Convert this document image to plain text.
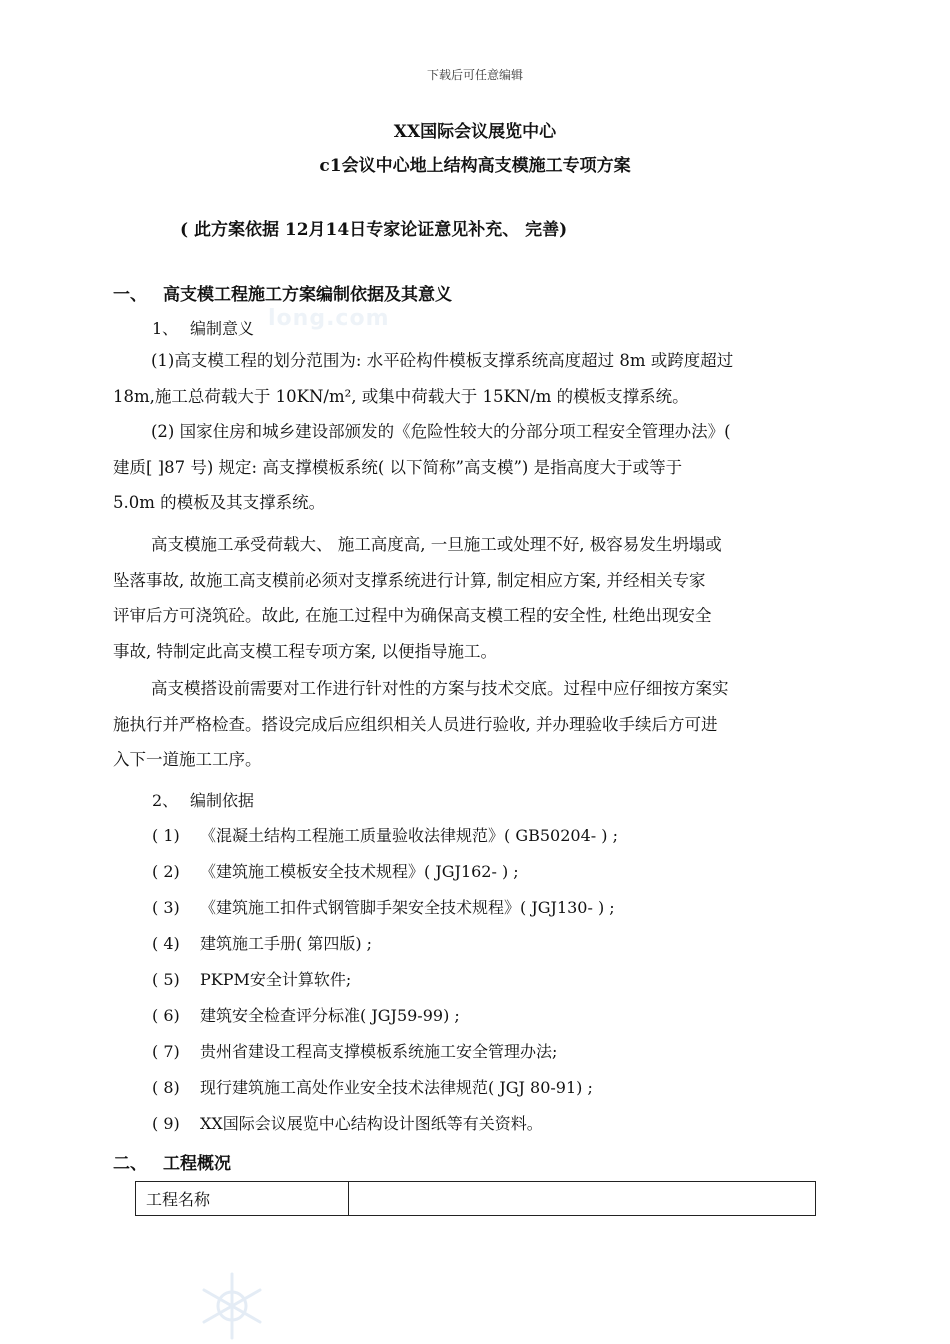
下载后可任意编辑
XX国际会议展览中心
c1会议中心地上结构高支模施工专项方案
( 此方案依据 12月14日专家论证意见补充、 完善)
一、 高支模工程施工方案编制依据及其意义
long.com
1、 编制意义
(1)高支模工程的划分范围为: 水平砼构件模板支撑系统高度超过 8m 或跨度超过
18m,施工总荷载大于 10KN/m², 或集中荷载大于 15KN/m 的模板支撑系统。
(2) 国家住房和城乡建设部颁发的《危险性较大的分部分项工程安全管理办法》(
建质[ ]87 号) 规定: 高支撑模板系统( 以下简称”高支模”) 是指高度大于或等于
5.0m 的模板及其支撑系统。
高支模施工承受荷载大、 施工高度高, 一旦施工或处理不好, 极容易发生坍塌或
坠落事故, 故施工高支模前必须对支撑系统进行计算, 制定相应方案, 并经相关专家
评审后方可浇筑砼。故此, 在施工过程中为确保高支模工程的安全性, 杜绝出现安全
事故, 特制定此高支模工程专项方案, 以便指导施工。
高支模搭设前需要对工作进行针对性的方案与技术交底。过程中应仔细按方案实
施执行并严格检查。搭设完成后应组织相关人员进行验收, 并办理验收手续后方可进
入下一道施工工序。
2、 编制依据
( 1) 《混凝土结构工程施工质量验收法律规范》( GB50204- ) ;
( 2) 《建筑施工模板安全技术规程》( JGJ162- ) ;
( 3) 《建筑施工扣件式钢管脚手架安全技术规程》( JGJ130- ) ;
( 4) 建筑施工手册( 第四版) ;
( 5) PKPM安全计算软件;
( 6) 建筑安全检查评分标准( JGJ59-99) ;
( 7) 贵州省建设工程高支撑模板系统施工安全管理办法;
( 8) 现行建筑施工高处作业安全技术法律规范( JGJ 80-91) ;
( 9) XX国际会议展览中心结构设计图纸等有关资料。
二、 工程概况
工程名称	
